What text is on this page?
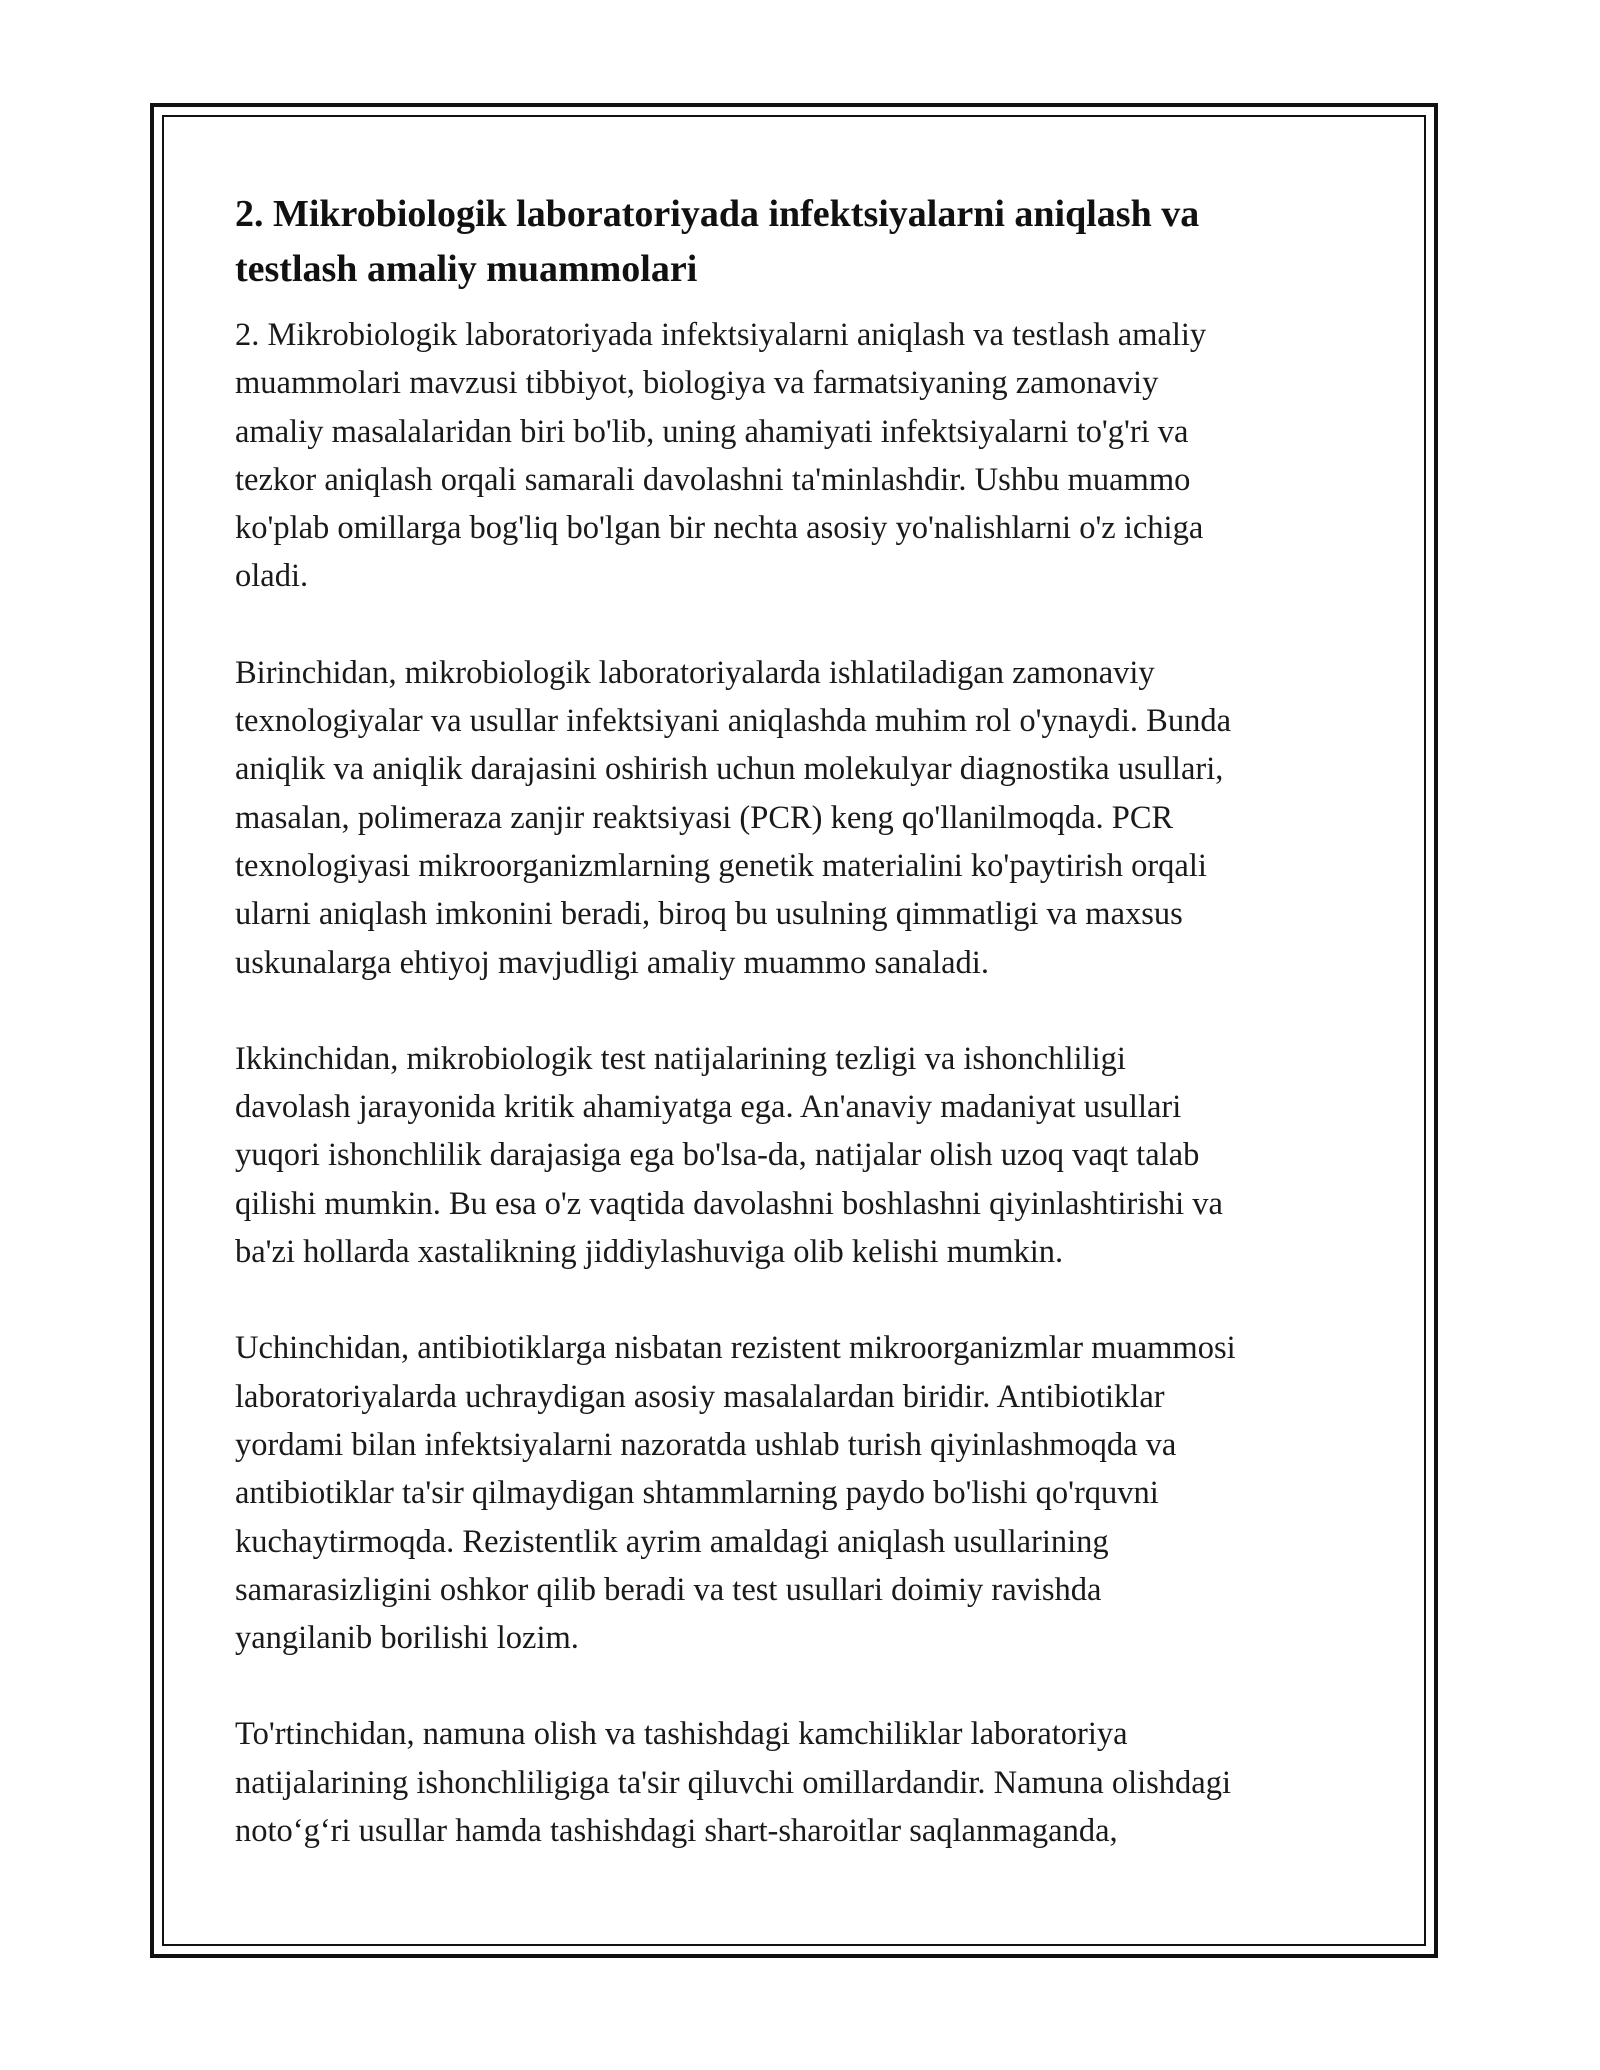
2. Mikrobiologik laboratoriyada infektsiyalarni aniqlash va
testlash amaliy muammolari

2. Mikrobiologik laboratoriyada infektsiyalarni aniqlash va testlash amaliy
muammolari mavzusi tibbiyot, biologiya va farmatsiyaning zamonaviy
amaliy masalalaridan biri bo'lib, uning ahamiyati infektsiyalarni to'g'ri va
tezkor aniqlash orqali samarali davolashni ta'minlashdir. Ushbu muammo
ko'plab omillarga bog'liq bo'lgan bir nechta asosiy yo'nalishlarni o'z ichiga
oladi.

Birinchidan, mikrobiologik laboratoriyalarda ishlatiladigan zamonaviy
texnologiyalar va usullar infektsiyani aniqlashda muhim rol o'ynaydi. Bunda
aniqlik va aniqlik darajasini oshirish uchun molekulyar diagnostika usullari,
masalan, polimeraza zanjir reaktsiyasi (PCR) keng qo'llanilmoqda. PCR
texnologiyasi mikroorganizmlarning genetik materialini ko'paytirish orqali
ularni aniqlash imkonini beradi, biroq bu usulning qimmatligi va maxsus
uskunalarga ehtiyoj mavjudligi amaliy muammo sanaladi.

Ikkinchidan, mikrobiologik test natijalarining tezligi va ishonchliligi
davolash jarayonida kritik ahamiyatga ega. An'anaviy madaniyat usullari
yuqori ishonchlilik darajasiga ega bo'lsa-da, natijalar olish uzoq vaqt talab
qilishi mumkin. Bu esa o'z vaqtida davolashni boshlashni qiyinlashtirishi va
ba'zi hollarda xastalikning jiddiylashuviga olib kelishi mumkin.

Uchinchidan, antibiotiklarga nisbatan rezistent mikroorganizmlar muammosi
laboratoriyalarda uchraydigan asosiy masalalardan biridir. Antibiotiklar
yordami bilan infektsiyalarni nazoratda ushlab turish qiyinlashmoqda va
antibiotiklar ta'sir qilmaydigan shtammlarning paydo bo'lishi qo'rquvni
kuchaytirmoqda. Rezistentlik ayrim amaldagi aniqlash usullarining
samarasizligini oshkor qilib beradi va test usullari doimiy ravishda
yangilanib borilishi lozim.

To'rtinchidan, namuna olish va tashishdagi kamchiliklar laboratoriya
natijalarining ishonchliligiga ta'sir qiluvchi omillardandir. Namuna olishdagi
noto‘g‘ri usullar hamda tashishdagi shart-sharoitlar saqlanmaganda,
